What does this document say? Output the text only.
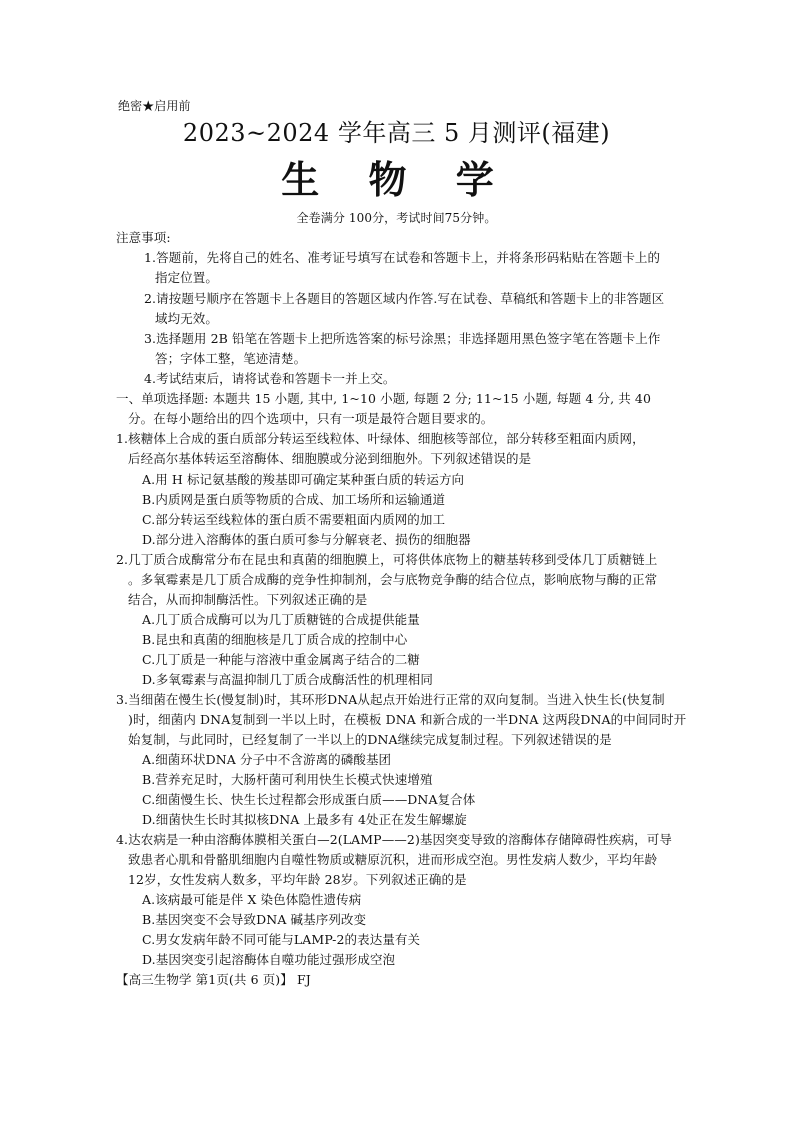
绝密★启用前
2023~2024 学年高三 5 月测评(福建)
生 物 学
全卷满分 100分，考试时间75分钟。
注意事项:
1.答题前，先将自己的姓名、准考证号填写在试卷和答题卡上，并将条形码粘贴在答题卡上的
指定位置。
2.请按题号顺序在答题卡上各题目的答题区域内作答.写在试卷、草稿纸和答题卡上的非答题区
域均无效。
3.选择题用 2B 铅笔在答题卡上把所选答案的标号涂黑；非选择题用黑色签字笔在答题卡上作
答；字体工整，笔迹清楚。
4.考试结束后，请将试卷和答题卡一并上交。
一、单项选择题: 本题共 15 小题, 其中, 1~10 小题, 每题 2 分; 11~15 小题, 每题 4 分, 共 40
分。在每小题给出的四个选项中，只有一项是最符合题目要求的。
1.核糖体上合成的蛋白质部分转运至线粒体、叶绿体、细胞核等部位，部分转移至粗面内质网，
后经高尔基体转运至溶酶体、细胞膜或分泌到细胞外。下列叙述错误的是
A.用 H 标记氨基酸的羧基即可确定某种蛋白质的转运方向
B.内质网是蛋白质等物质的合成、加工场所和运输通道
C.部分转运至线粒体的蛋白质不需要粗面内质网的加工
D.部分进入溶酶体的蛋白质可参与分解衰老、损伤的细胞器
2.几丁质合成酶常分布在昆虫和真菌的细胞膜上，可将供体底物上的糖基转移到受体几丁质糖链上
。多氧霉素是几丁质合成酶的竞争性抑制剂，会与底物竞争酶的结合位点，影响底物与酶的正常
结合，从而抑制酶活性。下列叙述正确的是
A.几丁质合成酶可以为几丁质糖链的合成提供能量
B.昆虫和真菌的细胞核是几丁质合成的控制中心
C.几丁质是一种能与溶液中重金属离子结合的二糖
D.多氧霉素与高温抑制几丁质合成酶活性的机理相同
3.当细菌在慢生长(慢复制)时，其环形DNA从起点开始进行正常的双向复制。当进入快生长(快复制
)时，细菌内 DNA复制到一半以上时，在模板 DNA 和新合成的一半DNA 这两段DNA的中间同时开
始复制，与此同时，已经复制了一半以上的DNA继续完成复制过程。下列叙述错误的是
A.细菌环状DNA 分子中不含游离的磷酸基团
B.营养充足时，大肠杆菌可利用快生长模式快速增殖
C.细菌慢生长、快生长过程都会形成蛋白质——DNA复合体
D.细菌快生长时其拟核DNA 上最多有 4处正在发生解螺旋
4.达农病是一种由溶酶体膜相关蛋白—2(LAMP——2)基因突变导致的溶酶体存储障碍性疾病，可导
致患者心肌和骨骼肌细胞内自噬性物质或糖原沉积，进而形成空泡。男性发病人数少，平均年龄
12岁，女性发病人数多，平均年龄 28岁。下列叙述正确的是
A.该病最可能是伴 X 染色体隐性遗传病
B.基因突变不会导致DNA 碱基序列改变
C.男女发病年龄不同可能与LAMP-2的表达量有关
D.基因突变引起溶酶体自噬功能过强形成空泡
【高三生物学 第1页(共 6 页)】 FJ
